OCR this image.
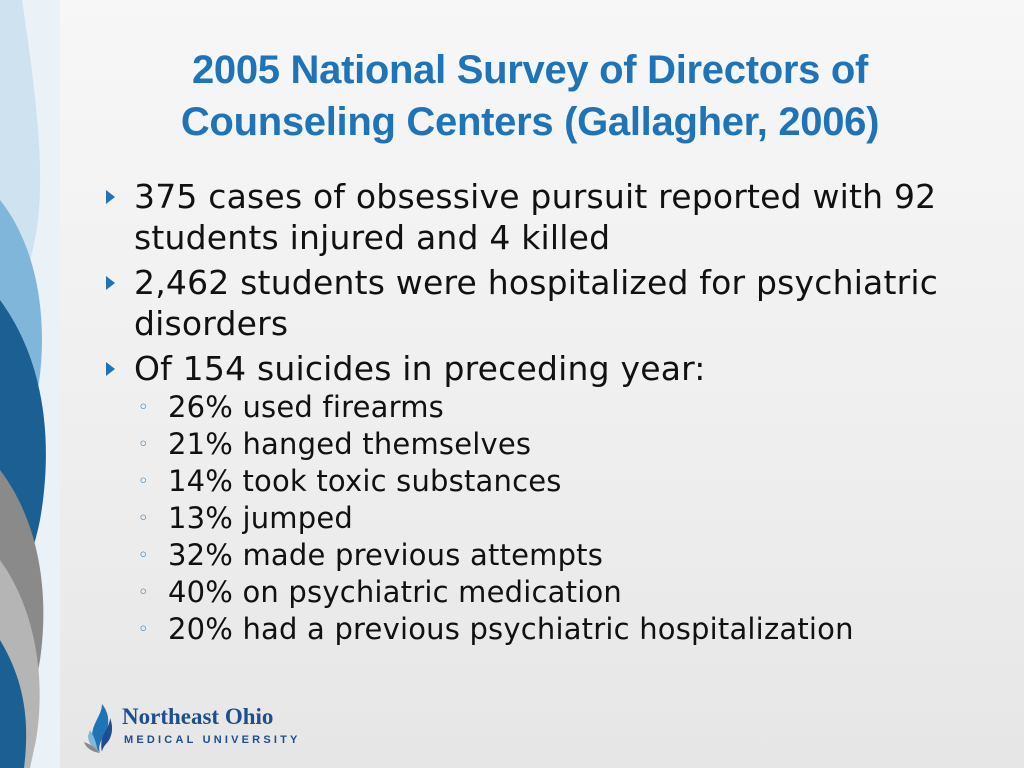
2005 National Survey of Directors of
Counseling Centers (Gallagher, 2006)
375 cases of obsessive pursuit reported with 92 students injured and 4 killed
2,462 students were hospitalized for psychiatric disorders
Of 154 suicides in preceding year:
◦ 26% used firearms
◦ 21% hanged themselves
◦ 14% took toxic substances
◦ 13% jumped
◦ 32% made previous attempts
◦ 40% on psychiatric medication
◦ 20% had a previous psychiatric hospitalization
Northeast Ohio
MEDICAL UNIVERSITY
